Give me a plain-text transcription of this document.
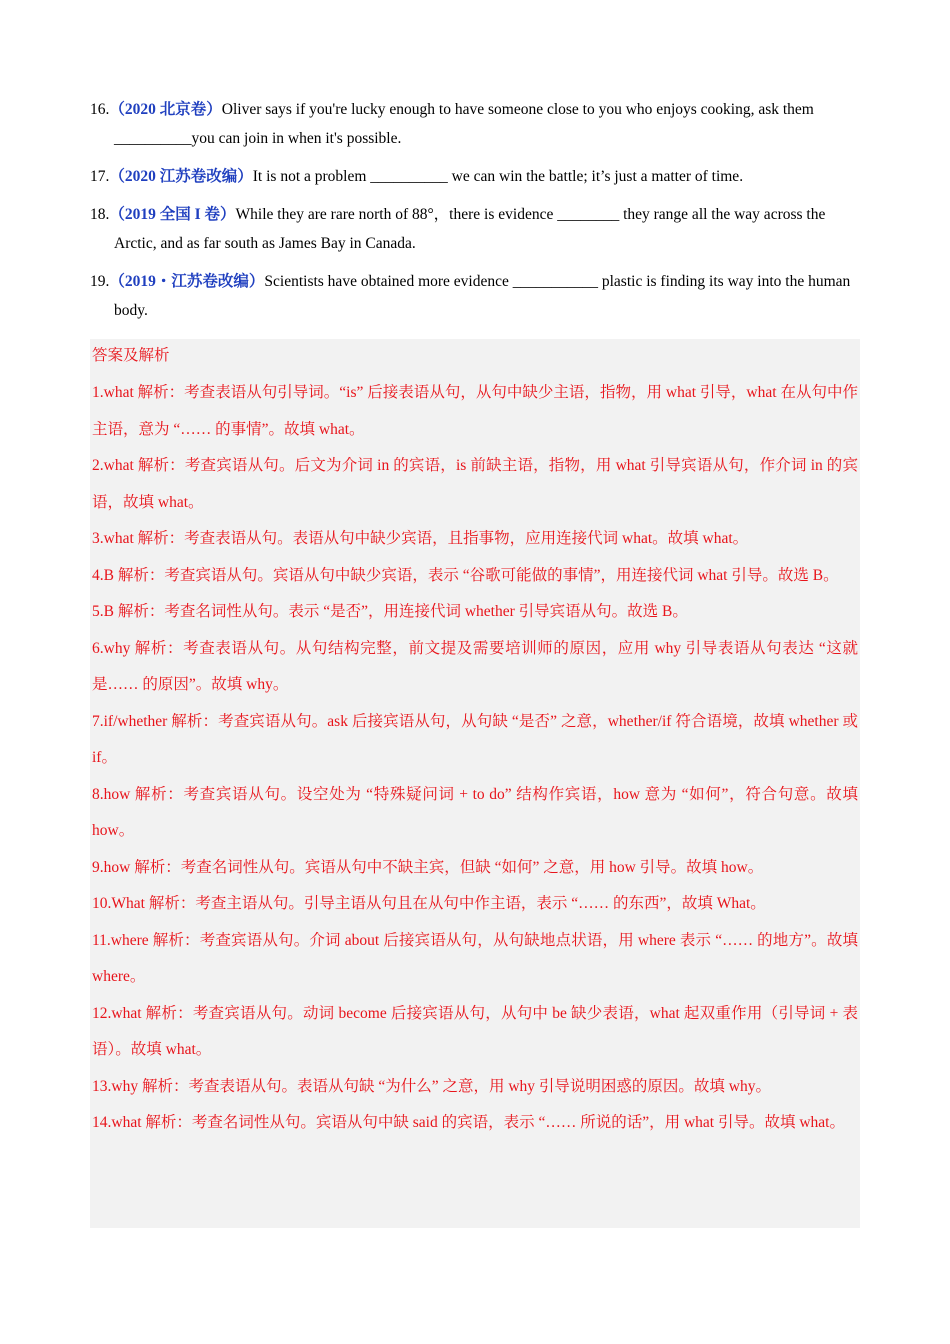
16.（2020 北京卷）Oliver says if you're lucky enough to have someone close to you who enjoys cooking, ask them __________you can join in when it's possible.
17.（2020 江苏卷改编）It is not a problem __________ we can win the battle; it’s just a matter of time.
18.（2019 全国 I 卷）While they are rare north of 88°，there is evidence ________ they range all the way across the Arctic, and as far south as James Bay in Canada.
19.（2019・江苏卷改编）Scientists have obtained more evidence ___________ plastic is finding its way into the human body.
答案及解析
1.what 解析：考查表语从句引导词。“is” 后接表语从句，从句中缺少主语，指物，用 what 引导，what 在从句中作主语，意为 “…… 的事情”。故填 what。
2.what 解析：考查宾语从句。后文为介词 in 的宾语，is 前缺主语，指物，用 what 引导宾语从句，作介词 in 的宾语，故填 what。
3.what 解析：考查表语从句。表语从句中缺少宾语，且指事物，应用连接代词 what。故填 what。
4.B 解析：考查宾语从句。宾语从句中缺少宾语，表示 “谷歌可能做的事情”，用连接代词 what 引导。故选 B。
5.B 解析：考查名词性从句。表示 “是否”，用连接代词 whether 引导宾语从句。故选 B。
6.why 解析：考查表语从句。从句结构完整，前文提及需要培训师的原因，应用 why 引导表语从句表达 “这就是…… 的原因”。故填 why。
7.if/whether 解析：考查宾语从句。ask 后接宾语从句，从句缺 “是否” 之意，whether/if 符合语境，故填 whether 或 if。
8.how 解析：考查宾语从句。设空处为 “特殊疑问词 + to do” 结构作宾语，how 意为 “如何”，符合句意。故填 how。
9.how 解析：考查名词性从句。宾语从句中不缺主宾，但缺 “如何” 之意，用 how 引导。故填 how。
10.What 解析：考查主语从句。引导主语从句且在从句中作主语，表示 “…… 的东西”，故填 What。
11.where 解析：考查宾语从句。介词 about 后接宾语从句，从句缺地点状语，用 where 表示 “…… 的地方”。故填 where。
12.what 解析：考查宾语从句。动词 become 后接宾语从句，从句中 be 缺少表语，what 起双重作用（引导词 + 表语）。故填 what。
13.why 解析：考查表语从句。表语从句缺 “为什么” 之意，用 why 引导说明困惑的原因。故填 why。
14.what 解析：考查名词性从句。宾语从句中缺 said 的宾语，表示 “…… 所说的话”，用 what 引导。故填 what。
